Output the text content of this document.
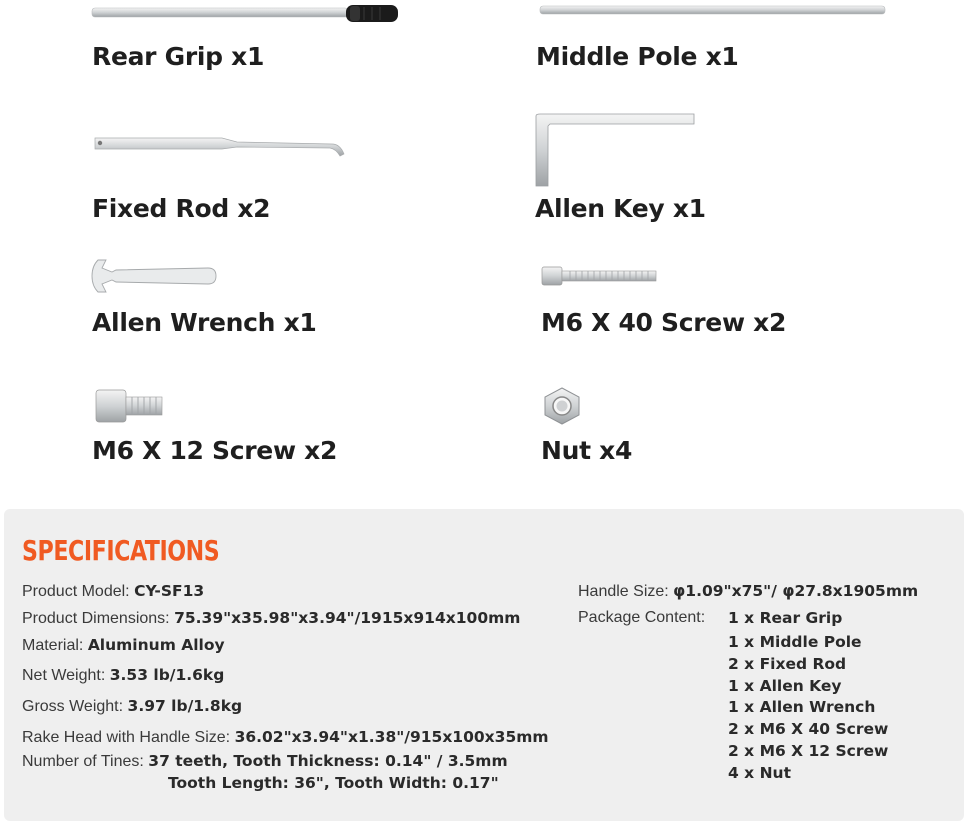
Rear Grip x1	Middle Pole x1
Fixed Rod x2	Allen Key x1
Allen Wrench x1	M6 X 40 Screw x2
M6 X 12 Screw x2	Nut x4
SPECIFICATIONS
Product Model: CY-SF13
Product Dimensions: 75.39"x35.98"x3.94"/1915x914x100mm
Material: Aluminum Alloy
Net Weight: 3.53 lb/1.6kg
Gross Weight: 3.97 lb/1.8kg
Rake Head with Handle Size: 36.02"x3.94"x1.38"/915x100x35mm
Number of Tines: 37 teeth, Tooth Thickness: 0.14" / 3.5mm
Tooth Length: 36", Tooth Width: 0.17"
Handle Size: φ1.09"x75"/ φ27.8x1905mm
Package Content: 1 x Rear Grip
1 x Middle Pole
2 x Fixed Rod
1 x Allen Key
1 x Allen Wrench
2 x M6 X 40 Screw
2 x M6 X 12 Screw
4 x Nut
